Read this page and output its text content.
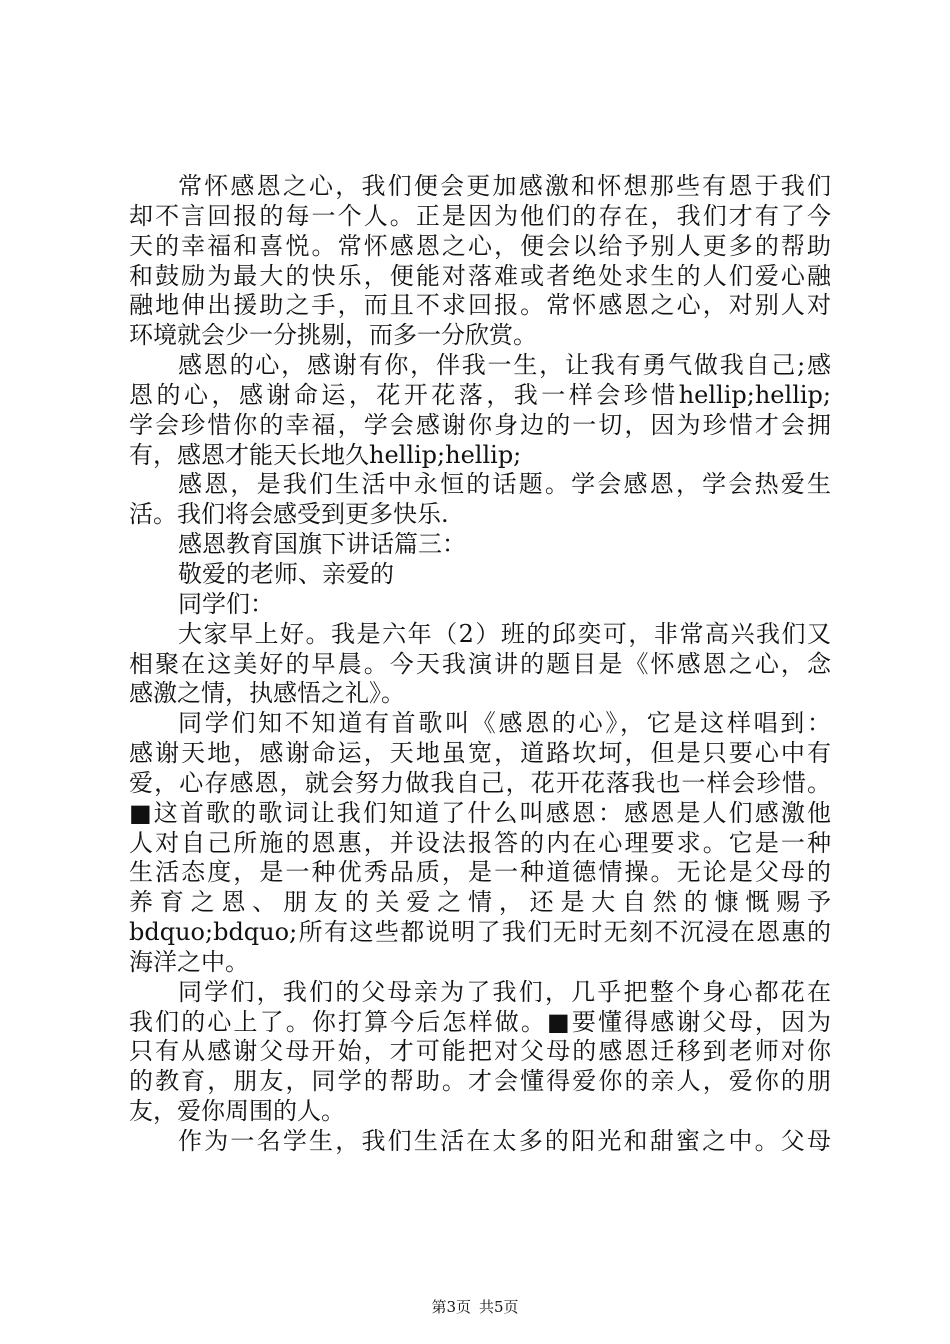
常怀感恩之心，我们便会更加感激和怀想那些有恩于我们
却不言回报的每一个人。正是因为他们的存在，我们才有了今
天的幸福和喜悦。常怀感恩之心，便会以给予别人更多的帮助
和鼓励为最大的快乐，便能对落难或者绝处求生的人们爱心融
融地伸出援助之手，而且不求回报。常怀感恩之心，对别人对
环境就会少一分挑剔，而多一分欣赏。
感恩的心，感谢有你，伴我一生，让我有勇气做我自己;感
恩的心，感谢命运，花开花落，我一样会珍惜hellip;hellip;
学会珍惜你的幸福，学会感谢你身边的一切，因为珍惜才会拥
有，感恩才能天长地久hellip;hellip;
感恩，是我们生活中永恒的话题。学会感恩，学会热爱生
活。我们将会感受到更多快乐.
感恩教育国旗下讲话篇三：
敬爱的老师、亲爱的
同学们：
大家早上好。我是六年（2）班的邱奕可，非常高兴我们又
相聚在这美好的早晨。今天我演讲的题目是《怀感恩之心，念
感激之情，执感悟之礼》。
同学们知不知道有首歌叫《感恩的心》，它是这样唱到：
感谢天地，感谢命运，天地虽宽，道路坎坷，但是只要心中有
爱，心存感恩，就会努力做我自己，花开花落我也一样会珍惜。
■这首歌的歌词让我们知道了什么叫感恩：感恩是人们感激他
人对自己所施的恩惠，并设法报答的内在心理要求。它是一种
生活态度，是一种优秀品质，是一种道德情操。无论是父母的
养育之恩、朋友的关爱之情，还是大自然的慷慨赐予
bdquo;bdquo;所有这些都说明了我们无时无刻不沉浸在恩惠的
海洋之中。
同学们，我们的父母亲为了我们，几乎把整个身心都花在
我们的心上了。你打算今后怎样做。■要懂得感谢父母，因为
只有从感谢父母开始，才可能把对父母的感恩迁移到老师对你
的教育，朋友，同学的帮助。才会懂得爱你的亲人，爱你的朋
友，爱你周围的人。
作为一名学生，我们生活在太多的阳光和甜蜜之中。父母
第3页 共5页
